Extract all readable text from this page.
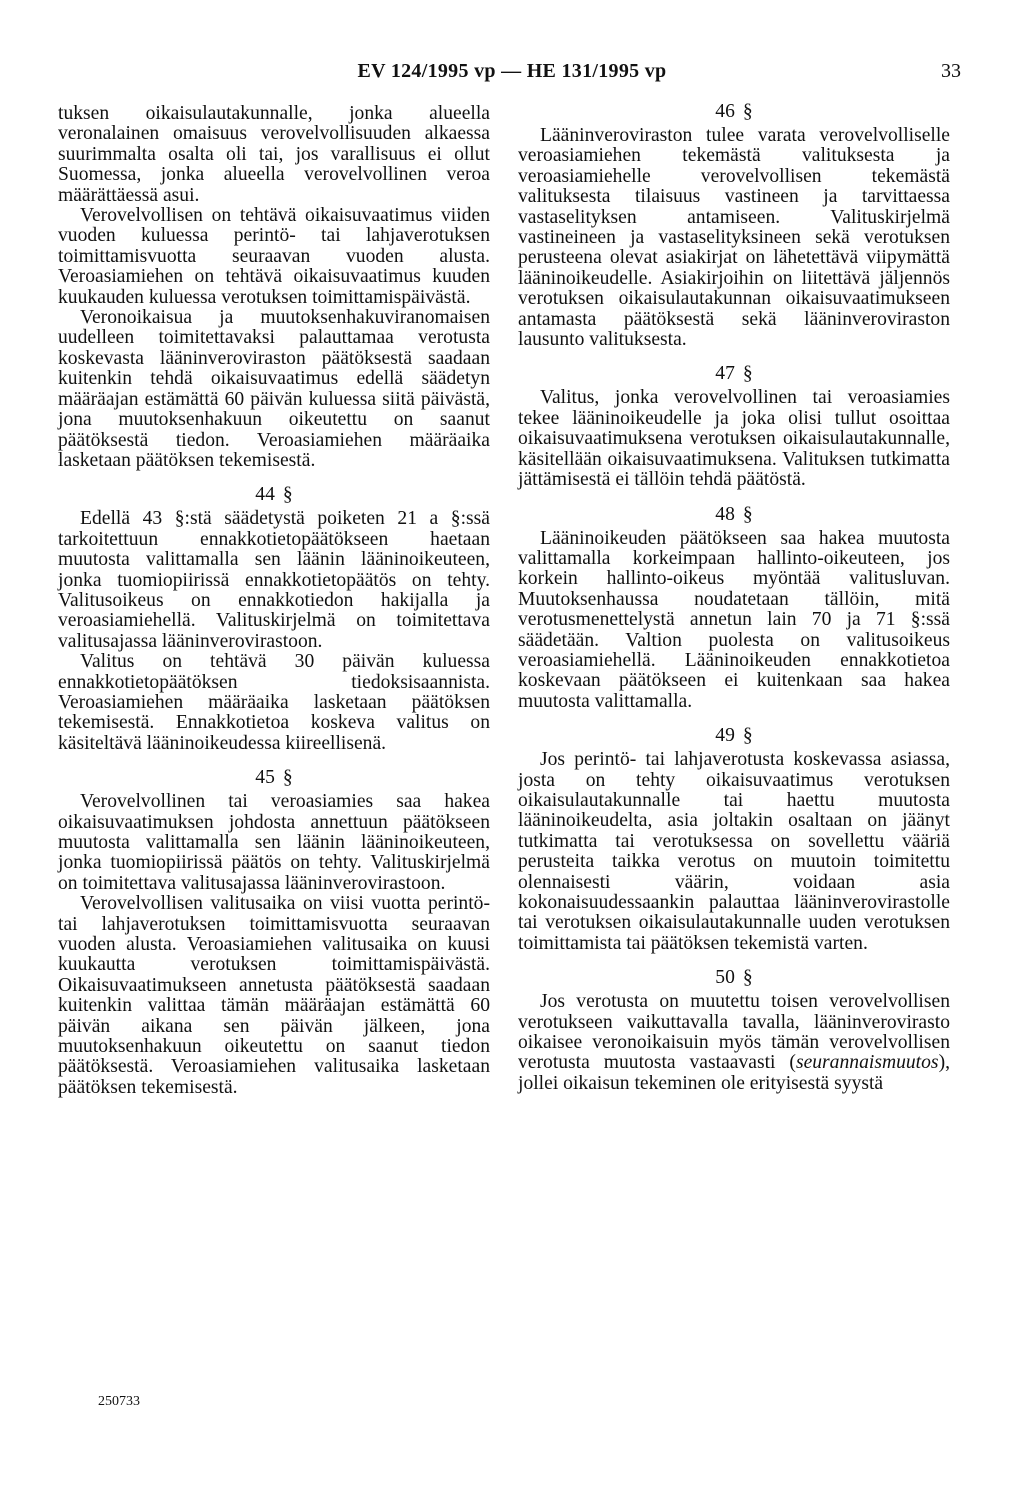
EV 124/1995 vp — HE 131/1995 vp	33

tuksen oikaisulautakunnalle, jonka alueella veronalainen omaisuus verovelvollisuuden alkaessa suurimmalta osalta oli tai, jos varallisuus ei ollut Suomessa, jonka alueella verovelvollinen veroa määrättäessä asui.

Verovelvollisen on tehtävä oikaisuvaatimus viiden vuoden kuluessa perintö- tai lahjaverotuksen toimittamisvuotta seuraavan vuoden alusta. Veroasiamiehen on tehtävä oikaisuvaatimus kuuden kuukauden kuluessa verotuksen toimittamispäivästä.

Veronoikaisua ja muutoksenhakuviranomaisen uudelleen toimitettavaksi palauttamaa verotusta koskevasta lääninveroviraston päätöksestä saadaan kuitenkin tehdä oikaisuvaatimus edellä säädetyn määräajan estämättä 60 päivän kuluessa siitä päivästä, jona muutoksenhakuun oikeutettu on saanut päätöksestä tiedon. Veroasiamiehen määräaika lasketaan päätöksen tekemisestä.

44 §

Edellä 43 §:stä säädetystä poiketen 21 a §:ssä tarkoitettuun ennakkotietopäätökseen haetaan muutosta valittamalla sen läänin lääninoikeuteen, jonka tuomiopiirissä ennakkotietopäätös on tehty. Valitusoikeus on ennakkotiedon hakijalla ja veroasiamiehellä. Valituskirjelmä on toimitettava valitusajassa lääninverovirastoon.

Valitus on tehtävä 30 päivän kuluessa ennakkotietopäätöksen tiedoksisaannista. Veroasiamiehen määräaika lasketaan päätöksen tekemisestä. Ennakkotietoa koskeva valitus on käsiteltävä lääninoikeudessa kiireellisenä.

45 §

Verovelvollinen tai veroasiamies saa hakea oikaisuvaatimuksen johdosta annettuun päätökseen muutosta valittamalla sen läänin lääninoikeuteen, jonka tuomiopiirissä päätös on tehty. Valituskirjelmä on toimitettava valitusajassa lääninverovirastoon.

Verovelvollisen valitusaika on viisi vuotta perintö- tai lahjaverotuksen toimittamisvuotta seuraavan vuoden alusta. Veroasiamiehen valitusaika on kuusi kuukautta verotuksen toimittamispäivästä. Oikaisuvaatimukseen annetusta päätöksestä saadaan kuitenkin valittaa tämän määräajan estämättä 60 päivän aikana sen päivän jälkeen, jona muutoksenhakuun oikeutettu on saanut tiedon päätöksestä. Veroasiamiehen valitusaika lasketaan päätöksen tekemisestä.

46 §

Lääninveroviraston tulee varata verovelvolliselle veroasiamiehen tekemästä valituksesta ja veroasiamiehelle verovelvollisen tekemästä valituksesta tilaisuus vastineen ja tarvittaessa vastaselityksen antamiseen. Valituskirjelmä vastineineen ja vastaselityksineen sekä verotuksen perusteena olevat asiakirjat on lähetettävä viipymättä lääninoikeudelle. Asiakirjoihin on liitettävä jäljennös verotuksen oikaisulautakunnan oikaisuvaatimukseen antamasta päätöksestä sekä lääninveroviraston lausunto valituksesta.

47 §

Valitus, jonka verovelvollinen tai veroasiamies tekee lääninoikeudelle ja joka olisi tullut osoittaa oikaisuvaatimuksena verotuksen oikaisulautakunnalle, käsitellään oikaisuvaatimuksena. Valituksen tutkimatta jättämisestä ei tällöin tehdä päätöstä.

48 §

Lääninoikeuden päätökseen saa hakea muutosta valittamalla korkeimpaan hallinto-oikeuteen, jos korkein hallinto-oikeus myöntää valitusluvan. Muutoksenhaussa noudatetaan tällöin, mitä verotusmenettelystä annetun lain 70 ja 71 §:ssä säädetään. Valtion puolesta on valitusoikeus veroasiamiehellä. Lääninoikeuden ennakkotietoa koskevaan päätökseen ei kuitenkaan saa hakea muutosta valittamalla.

49 §

Jos perintö- tai lahjaverotusta koskevassa asiassa, josta on tehty oikaisuvaatimus verotuksen oikaisulautakunnalle tai haettu muutosta lääninoikeudelta, asia joltakin osaltaan on jäänyt tutkimatta tai verotuksessa on sovellettu vääriä perusteita taikka verotus on muutoin toimitettu olennaisesti väärin, voidaan asia kokonaisuudessaankin palauttaa lääninverovirastolle tai verotuksen oikaisulautakunnalle uuden verotuksen toimittamista tai päätöksen tekemistä varten.

50 §

Jos verotusta on muutettu toisen verovelvollisen verotukseen vaikuttavalla tavalla, lääninverovirasto oikaisee veronoikaisuin myös tämän verovelvollisen verotusta muutosta vastaavasti (seurannaismuutos), jollei oikaisun tekeminen ole erityisestä syystä

250733
